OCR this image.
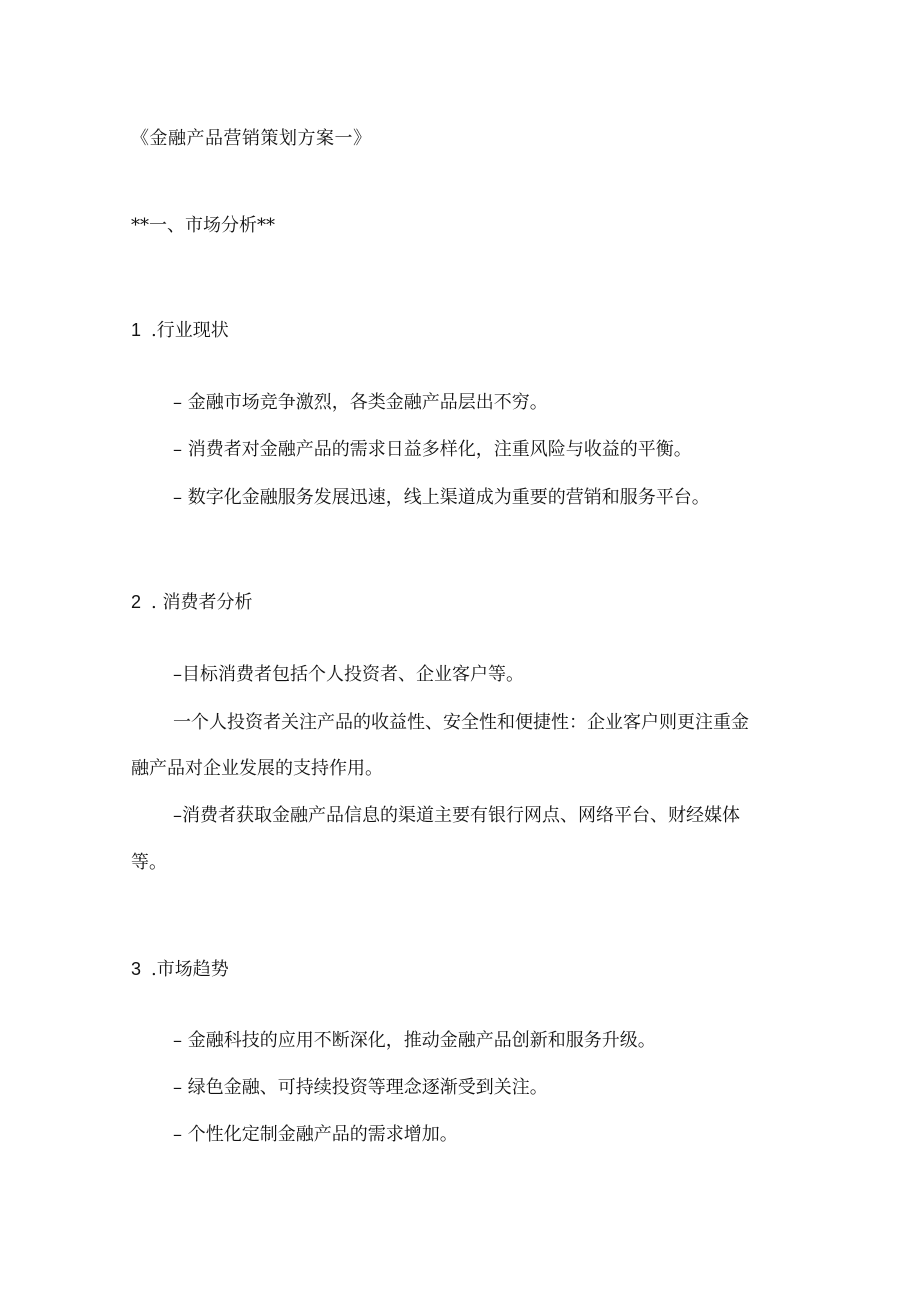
《金融产品营销策划方案一》
**一、市场分析**
1 .行业现状
– 金融市场竞争激烈，各类金融产品层出不穷。
– 消费者对金融产品的需求日益多样化，注重风险与收益的平衡。
– 数字化金融服务发展迅速，线上渠道成为重要的营销和服务平台。
2 . 消费者分析
–目标消费者包括个人投资者、企业客户等。
一个人投资者关注产品的收益性、安全性和便捷性：企业客户则更注重金
融产品对企业发展的支持作用。
–消费者获取金融产品信息的渠道主要有银行网点、网络平台、财经媒体
等。
3 .市场趋势
– 金融科技的应用不断深化，推动金融产品创新和服务升级。
– 绿色金融、可持续投资等理念逐渐受到关注。
– 个性化定制金融产品的需求增加。
